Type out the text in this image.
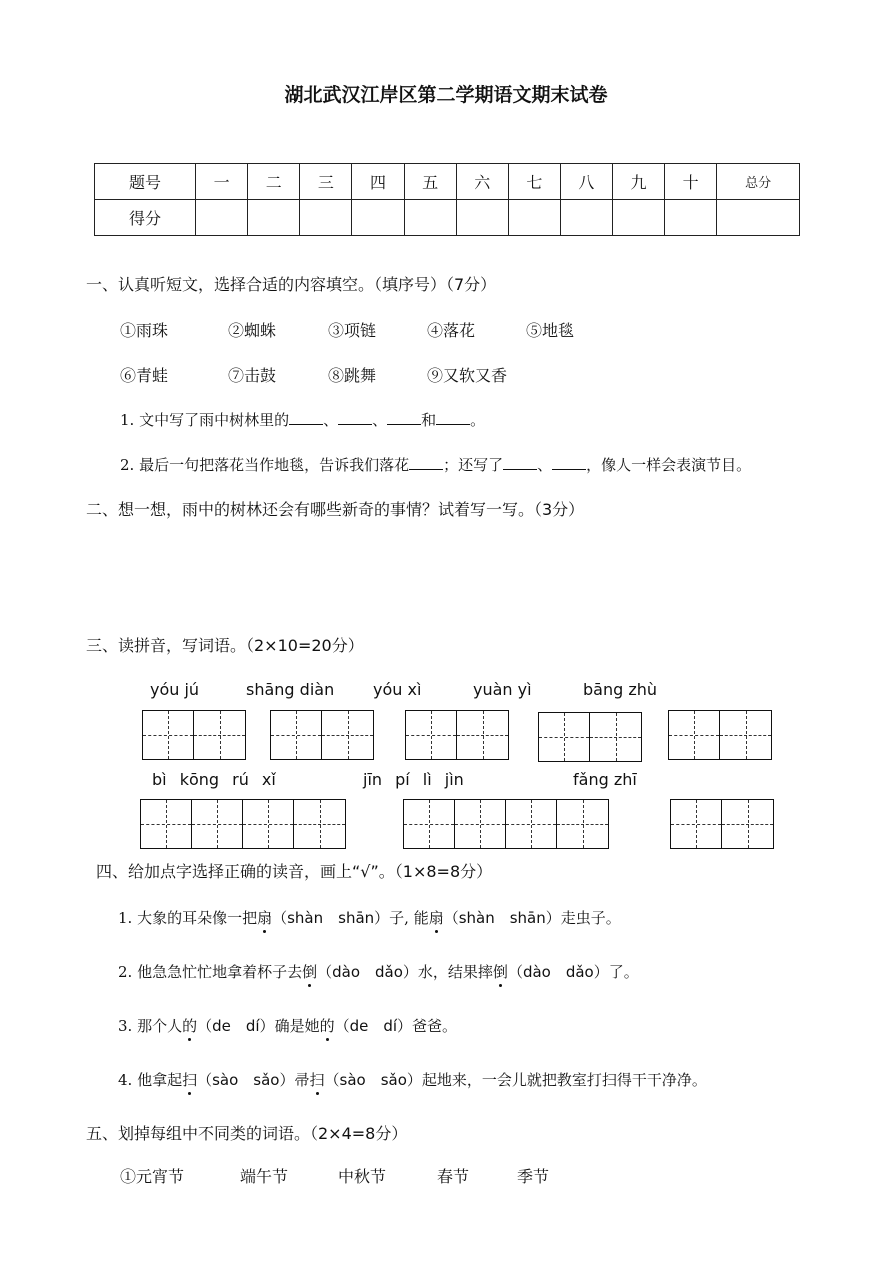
湖北武汉江岸区第二学期语文期末试卷
题号	一	二	三	四	五	六	七	八	九	十	总分
得分											
一、认真听短文，选择合适的内容填空。（填序号）（7分）
①雨珠	②蜘蛛	③项链	④落花	⑤地毯
⑥青蛙	⑦击鼓	⑧跳舞	⑨又软又香
1. 文中写了雨中树林里的 、 、 和 。
2. 最后一句把落花当作地毯，告诉我们落花 ；还写了 、 ，像人一样会表演节目。
二、想一想，雨中的树林还会有哪些新奇的事情？试着写一写。（3分）
三、读拼音，写词语。（2×10=20分）
yóu jú	shāng diàn yóu xì	yuàn yì	bāng zhù
bì kōng rú xǐ	jīn pí lì jìn	fǎng zhī
四、给加点字选择正确的读音，画上“√”。（1×8=8分）
1. 大象的耳朵像一把扇（shàn　shān）子, 能扇（shàn　shān）走虫子。
2. 他急急忙忙地拿着杯子去倒（dào　dǎo）水，结果摔倒（dào　dǎo）了。
3. 那个人的（de　dí）确是她的（de　dí）爸爸。
4. 他拿起扫（sào　sǎo）帚扫（sào　sǎo）起地来，一会儿就把教室打扫得干干净净。
五、划掉每组中不同类的词语。（2×4=8分）
①元宵节	端午节	中秋节	春节	季节
